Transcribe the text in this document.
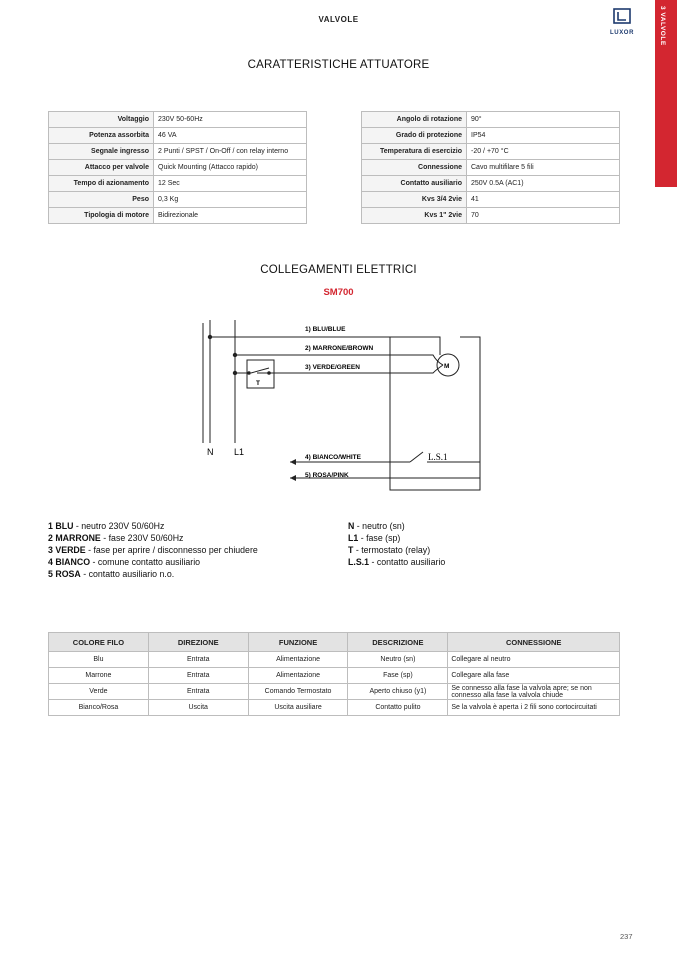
VALVOLE
LUXOR	3 VALVOLE
CARATTERISTICHE ATTUATORE
Voltaggio	230V 50-60Hz
Potenza assorbita	46 VA
Segnale ingresso	2 Punti / SPST / On-Off / con relay interno
Attacco per valvole	Quick Mounting (Attacco rapido)
Tempo di azionamento	12 Sec
Peso	0,3 Kg
Tipologia di motore	Bidirezionale
Angolo di rotazione	90°
Grado di protezione	IP54
Temperatura di esercizio	-20 / +70 °C
Connessione	Cavo multifilare 5 fili
Contatto ausiliario	250V 0.5A (AC1)
Kvs 3/4 2vie	41
Kvs 1" 2vie	70
COLLEGAMENTI ELETTRICI
SM700
1) BLU/BLUE
2) MARRONE/BROWN
3) VERDE/GREEN
4) BIANCO/WHITE
5) ROSA/PINK
M
T
N L1	L.S.1
1 BLU - neutro 230V 50/60Hz
2 MARRONE - fase 230V 50/60Hz
3 VERDE - fase per aprire / disconnesso per chiudere
4 BIANCO - comune contatto ausiliario
5 ROSA - contatto ausiliario n.o.
N - neutro (sn)
L1 - fase (sp)
T - termostato (relay)
L.S.1 - contatto ausiliario
COLORE FILO	DIREZIONE	FUNZIONE	DESCRIZIONE	CONNESSIONE
Blu	Entrata	Alimentazione	Neutro (sn)	Collegare al neutro
Marrone	Entrata	Alimentazione	Fase (sp)	Collegare alla fase
Verde	Entrata	Comando Termostato	Aperto chiuso (y1)	Se connesso alla fase la valvola apre; se non connesso alla fase la valvola chiude
Bianco/Rosa	Uscita	Uscita ausiliare	Contatto pulito	Se la valvola è aperta i 2 fili sono cortocircuitati
237
